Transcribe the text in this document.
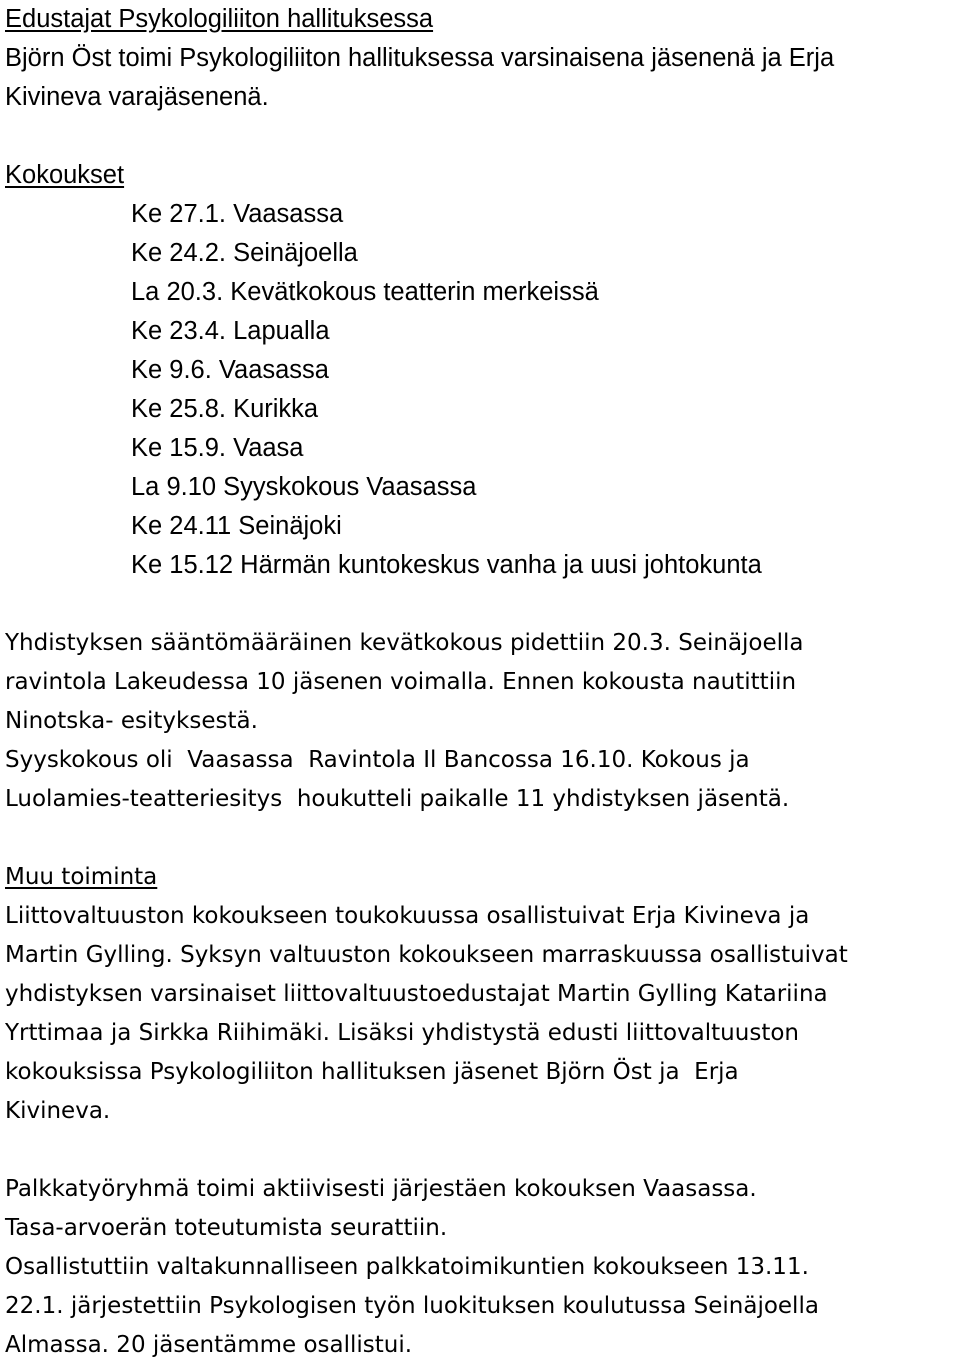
Edustajat Psykologiliiton hallituksessa
Björn Öst toimi Psykologiliiton hallituksessa varsinaisena jäsenenä ja Erja
Kivineva varajäsenenä.
Kokoukset
Ke 27.1. Vaasassa
Ke 24.2. Seinäjoella
La 20.3. Kevätkokous teatterin merkeissä
Ke 23.4. Lapualla
Ke 9.6. Vaasassa
Ke 25.8. Kurikka
Ke 15.9. Vaasa
La 9.10 Syyskokous Vaasassa
Ke 24.11 Seinäjoki
Ke 15.12 Härmän kuntokeskus vanha ja uusi johtokunta
Yhdistyksen sääntömääräinen kevätkokous pidettiin 20.3. Seinäjoella
ravintola Lakeudessa 10 jäsenen voimalla. Ennen kokousta nautittiin
Ninotska- esityksestä.
Syyskokous oli  Vaasassa  Ravintola Il Bancossa 16.10. Kokous ja
Luolamies-teatteriesitys  houkutteli paikalle 11 yhdistyksen jäsentä.
Muu toiminta
Liittovaltuuston kokoukseen toukokuussa osallistuivat Erja Kivineva ja
Martin Gylling. Syksyn valtuuston kokoukseen marraskuussa osallistuivat
yhdistyksen varsinaiset liittovaltuustoedustajat Martin Gylling Katariina
Yrttimaa ja Sirkka Riihimäki. Lisäksi yhdistystä edusti liittovaltuuston
kokouksissa Psykologiliiton hallituksen jäsenet Björn Öst ja  Erja
Kivineva.
Palkkatyöryhmä toimi aktiivisesti järjestäen kokouksen Vaasassa.
Tasa-arvoerän toteutumista seurattiin.
Osallistuttiin valtakunnalliseen palkkatoimikuntien kokoukseen 13.11.
22.1. järjestettiin Psykologisen työn luokituksen koulutussa Seinäjoella
Almassa. 20 jäsentämme osallistui.
